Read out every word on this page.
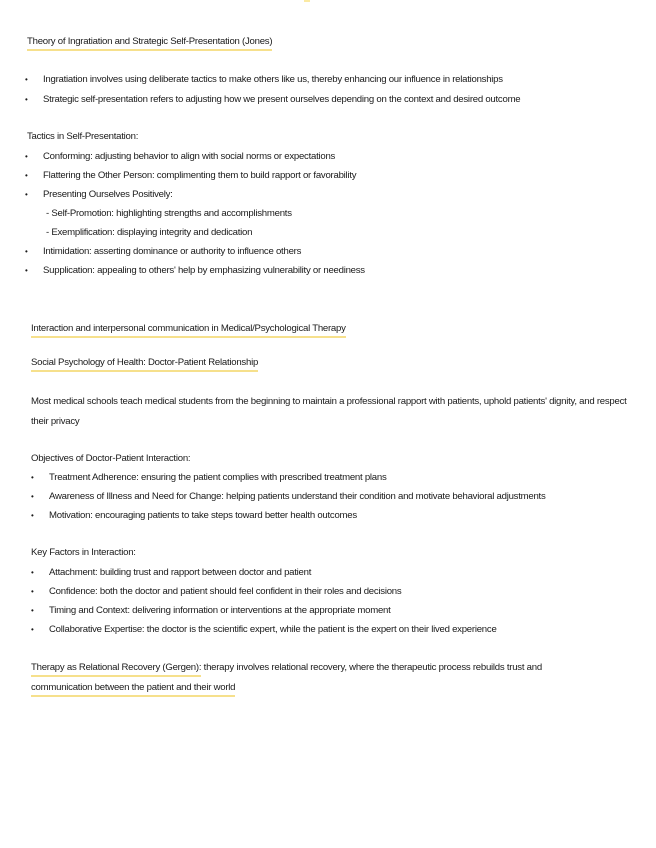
Theory of Ingratiation and Strategic Self-Presentation (Jones)
• Ingratiation involves using deliberate tactics to make others like us, thereby enhancing our influence in relationships
• Strategic self-presentation refers to adjusting how we present ourselves depending on the context and desired outcome
Tactics in Self-Presentation:
• Conforming: adjusting behavior to align with social norms or expectations
• Flattering the Other Person: complimenting them to build rapport or favorability
• Presenting Ourselves Positively:
- Self-Promotion: highlighting strengths and accomplishments
- Exemplification: displaying integrity and dedication
• Intimidation: asserting dominance or authority to influence others
• Supplication: appealing to others' help by emphasizing vulnerability or neediness
Interaction and interpersonal communication in Medical/Psychological Therapy
Social Psychology of Health: Doctor-Patient Relationship
Most medical schools teach medical students from the beginning to maintain a professional rapport with patients, uphold patients' dignity, and respect their privacy
Objectives of Doctor-Patient Interaction:
• Treatment Adherence: ensuring the patient complies with prescribed treatment plans
• Awareness of Illness and Need for Change: helping patients understand their condition and motivate behavioral adjustments
• Motivation: encouraging patients to take steps toward better health outcomes
Key Factors in Interaction:
• Attachment: building trust and rapport between doctor and patient
• Confidence: both the doctor and patient should feel confident in their roles and decisions
• Timing and Context: delivering information or interventions at the appropriate moment
• Collaborative Expertise: the doctor is the scientific expert, while the patient is the expert on their lived experience
Therapy as Relational Recovery (Gergen): therapy involves relational recovery, where the therapeutic process rebuilds trust and
communication between the patient and their world
